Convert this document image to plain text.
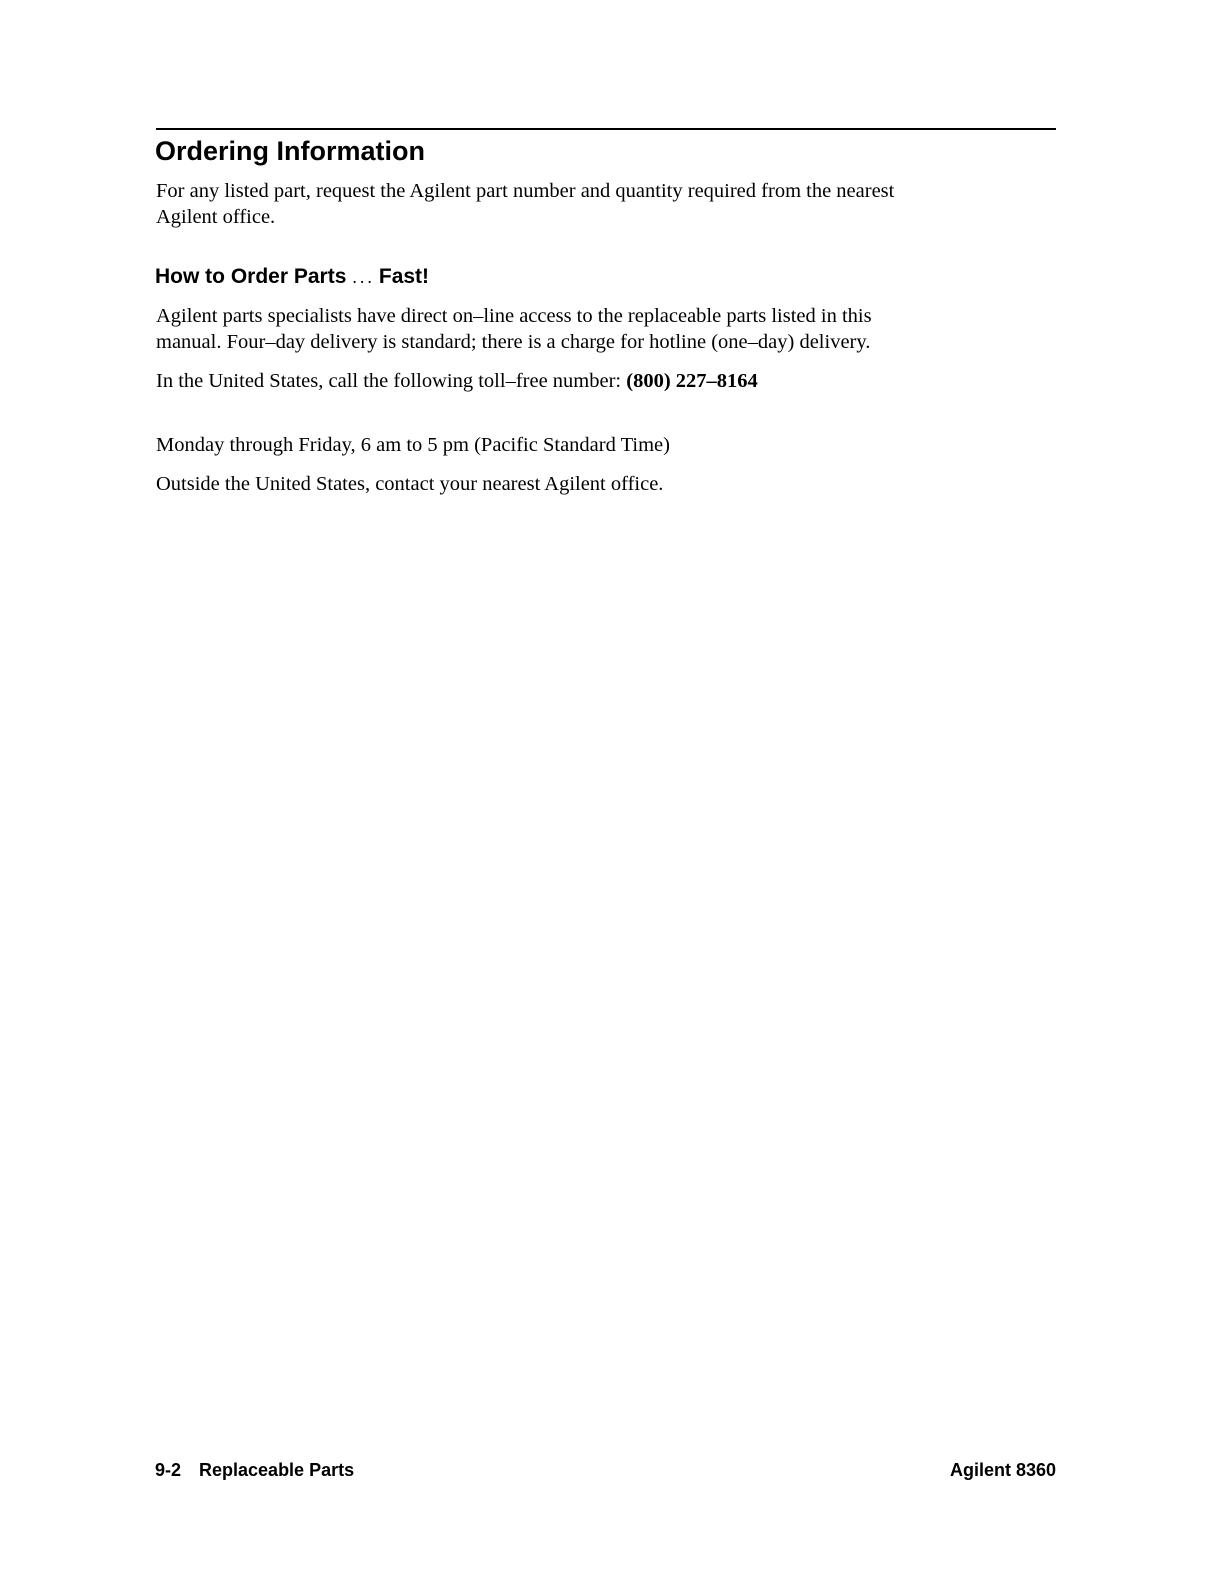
Ordering Information

For any listed part, request the Agilent part number and quantity required from the nearest

Agilent office.

How to Order Parts ... Fast!

Agilent parts specialists have direct on–line access to the replaceable parts listed in this

manual. Four–day delivery is standard; there is a charge for hotline (one–day) delivery.

In the United States, call the following toll–free number: (800) 227–8164

Monday through Friday, 6 am to 5 pm (Pacific Standard Time)

Outside the United States, contact your nearest Agilent office.

9-2 Replaceable Parts	Agilent 8360
